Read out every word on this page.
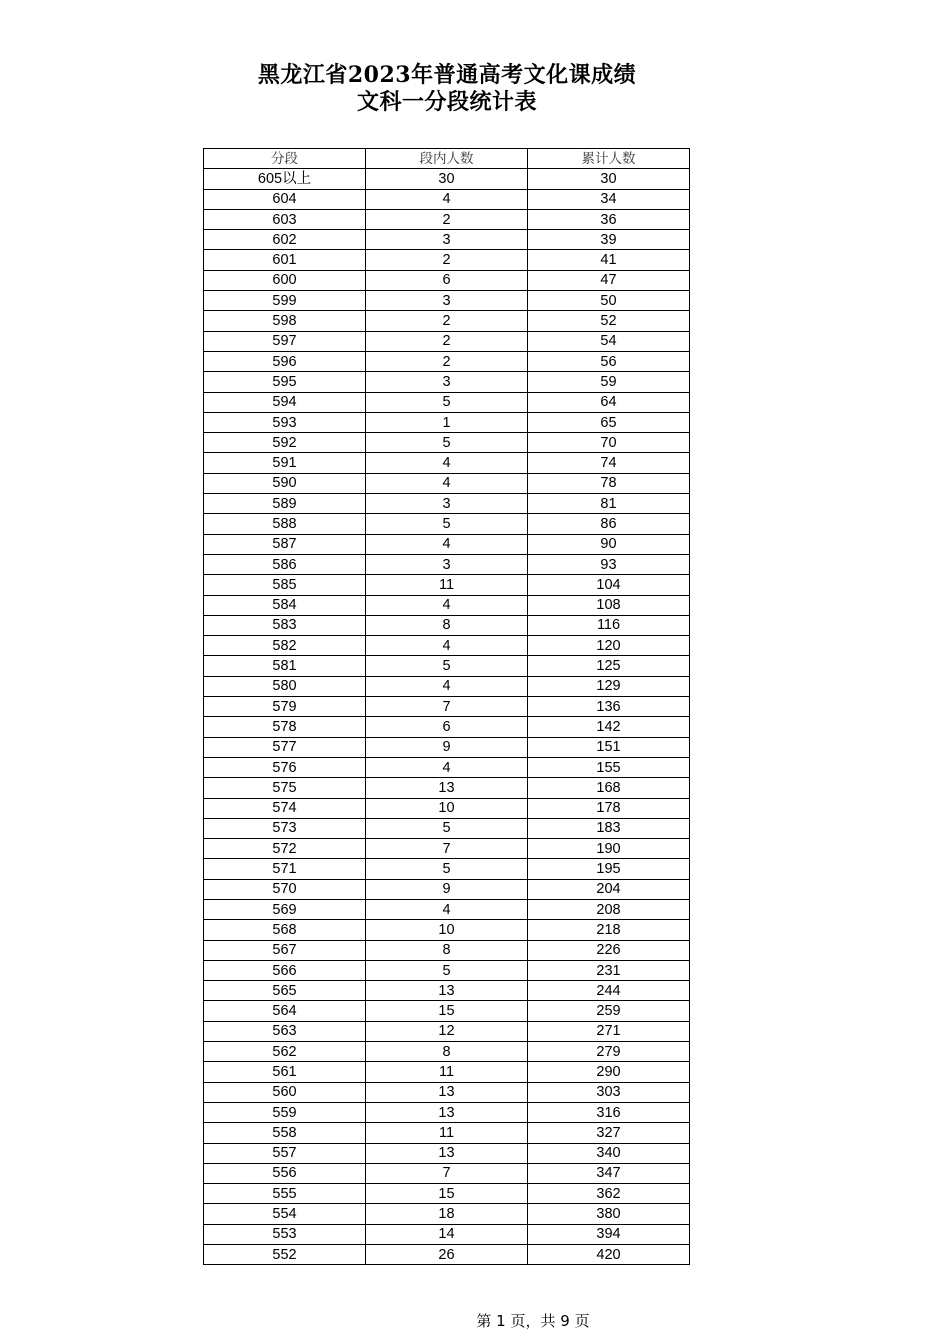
黑龙江省2023年普通高考文化课成绩
文科一分段统计表
分段	段内人数	累计人数
605以上	30	30
604	4	34
603	2	36
602	3	39
601	2	41
600	6	47
599	3	50
598	2	52
597	2	54
596	2	56
595	3	59
594	5	64
593	1	65
592	5	70
591	4	74
590	4	78
589	3	81
588	5	86
587	4	90
586	3	93
585	11	104
584	4	108
583	8	116
582	4	120
581	5	125
580	4	129
579	7	136
578	6	142
577	9	151
576	4	155
575	13	168
574	10	178
573	5	183
572	7	190
571	5	195
570	9	204
569	4	208
568	10	218
567	8	226
566	5	231
565	13	244
564	15	259
563	12	271
562	8	279
561	11	290
560	13	303
559	13	316
558	11	327
557	13	340
556	7	347
555	15	362
554	18	380
553	14	394
552	26	420
第 1 页，共 9 页
